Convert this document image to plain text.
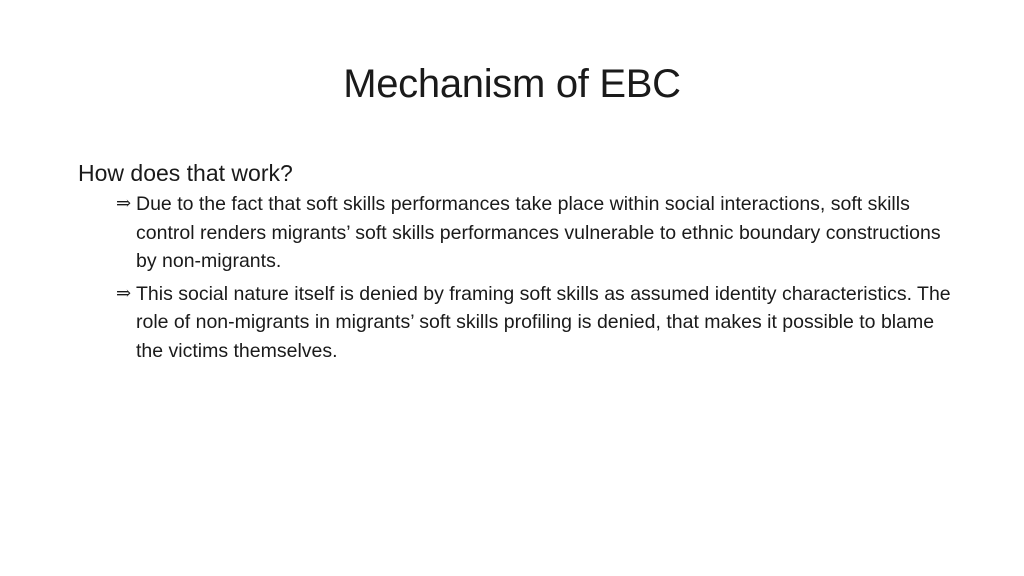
Mechanism of EBC
How does that work?
⇒ Due to the fact that soft skills performances take place within social interactions, soft skills control renders migrants’ soft skills performances vulnerable to ethnic boundary constructions by non-migrants.
⇒ This social nature itself is denied by framing soft skills as assumed identity characteristics. The role of non-migrants in migrants’ soft skills profiling is denied, that makes it possible to blame the victims themselves.
